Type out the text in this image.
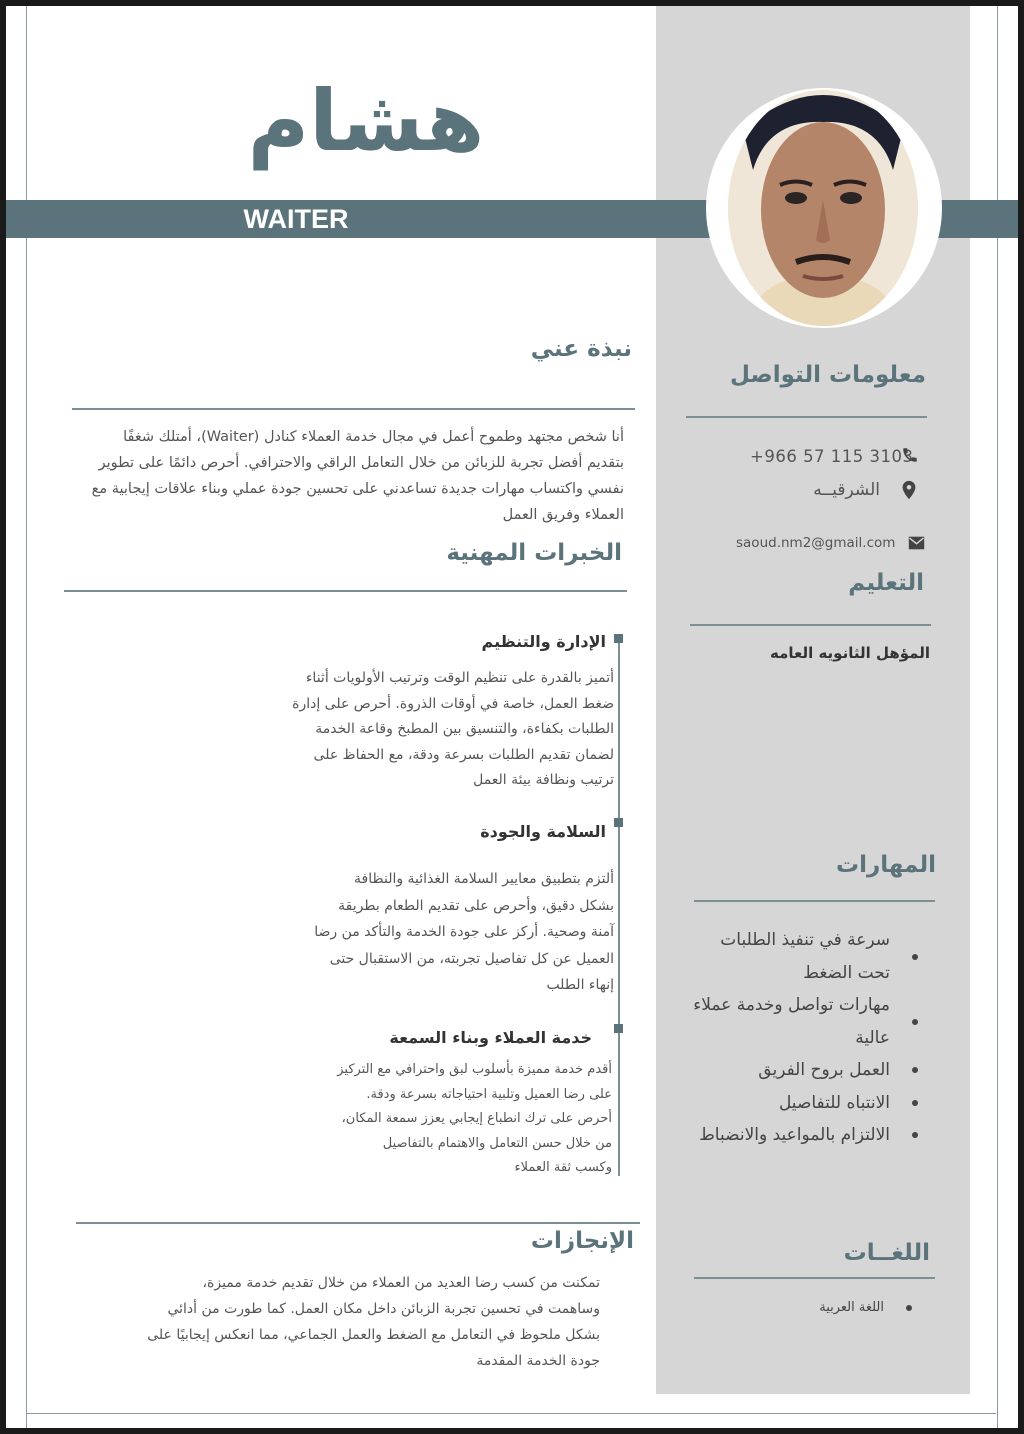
WAITER
هشام
نبذة عني
أنا شخص مجتهد وطموح أعمل في مجال خدمة العملاء كنادل (Waiter)، أمتلك شغفًا
بتقديم أفضل تجربة للزبائن من خلال التعامل الراقي والاحترافي. أحرص دائمًا على تطوير
نفسي واكتساب مهارات جديدة تساعدني على تحسين جودة عملي وبناء علاقات إيجابية مع
العملاء وفريق العمل
الخبرات المهنية
الإدارة والتنظيم
أتميز بالقدرة على تنظيم الوقت وترتيب الأولويات أثناء
ضغط العمل، خاصة في أوقات الذروة. أحرص على إدارة
الطلبات بكفاءة، والتنسيق بين المطبخ وقاعة الخدمة
لضمان تقديم الطلبات بسرعة ودقة، مع الحفاظ على
ترتيب ونظافة بيئة العمل
السلامة والجودة
ألتزم بتطبيق معايير السلامة الغذائية والنظافة
بشكل دقيق، وأحرص على تقديم الطعام بطريقة
آمنة وصحية. أركز على جودة الخدمة والتأكد من رضا
العميل عن كل تفاصيل تجربته، من الاستقبال حتى
إنهاء الطلب
خدمة العملاء وبناء السمعة
أقدم خدمة مميزة بأسلوب لبق واحترافي مع التركيز
على رضا العميل وتلبية احتياجاته بسرعة ودقة.
أحرص على ترك انطباع إيجابي يعزز سمعة المكان،
من خلال حسن التعامل والاهتمام بالتفاصيل
وكسب ثقة العملاء
الإنجازات
تمكنت من كسب رضا العديد من العملاء من خلال تقديم خدمة مميزة،
وساهمت في تحسين تجربة الزبائن داخل مكان العمل. كما طورت من أدائي
بشكل ملحوظ في التعامل مع الضغط والعمل الجماعي، مما انعكس إيجابيًا على
جودة الخدمة المقدمة
معلومات التواصل
+966 57 115 3103
الشرقيــه
saoud.nm2@gmail.com
التعليم
المؤهل الثانويه العامه
المهارات
سرعة في تنفيذ الطلبات تحت الضغط
مهارات تواصل وخدمة عملاء عالية
العمل بروح الفريق
الانتباه للتفاصيل
الالتزام بالمواعيد والانضباط
اللغــات
اللغة العربية
